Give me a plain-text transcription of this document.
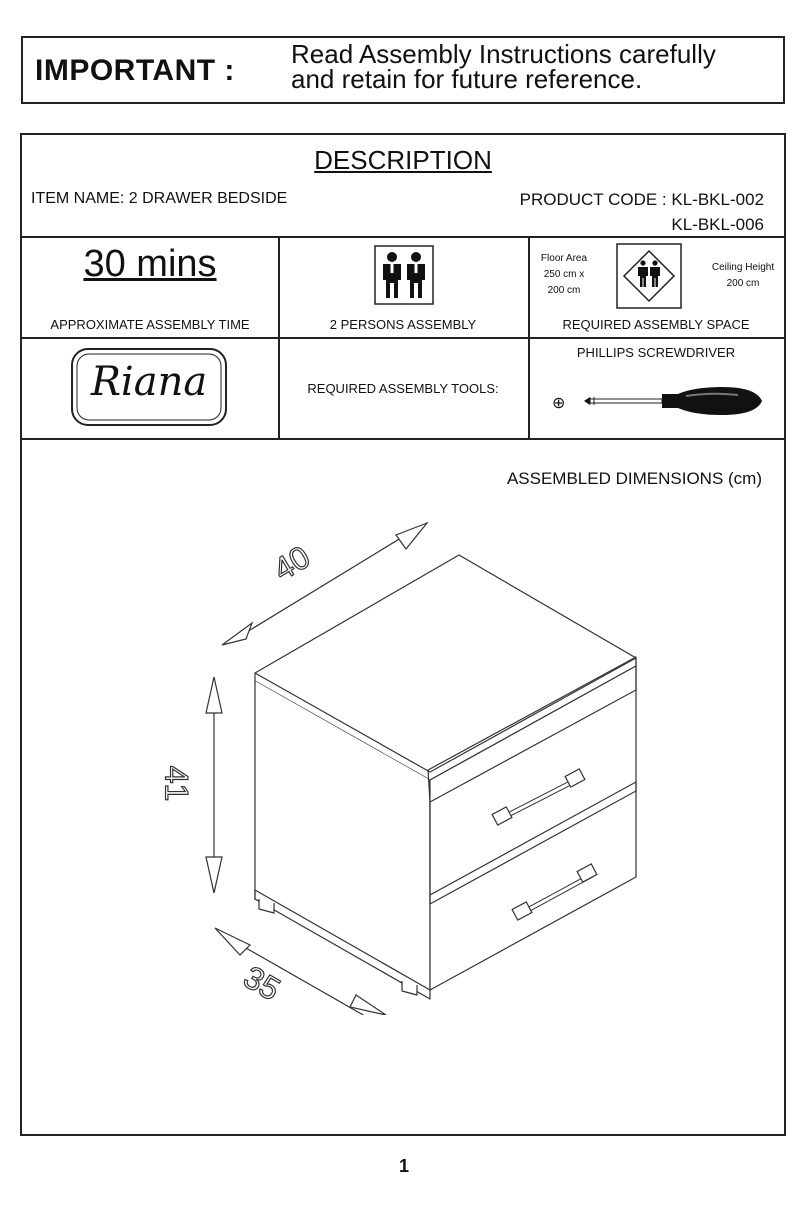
IMPORTANT : Read Assembly Instructions carefully
and retain for future reference.
DESCRIPTION
ITEM NAME: 2 DRAWER BEDSIDE	PRODUCT CODE : KL-BKL-002
KL-BKL-006
30 mins
APPROXIMATE ASSEMBLY TIME	2 PERSONS ASSEMBLY
Floor Area
250 cm x
200 cm
Ceiling Height
200 cm
REQUIRED ASSEMBLY SPACE
Riana	REQUIRED ASSEMBLY TOOLS:
PHILLIPS SCREWDRIVER
⊕
ASSEMBLED DIMENSIONS (cm)
40
41
35
1
